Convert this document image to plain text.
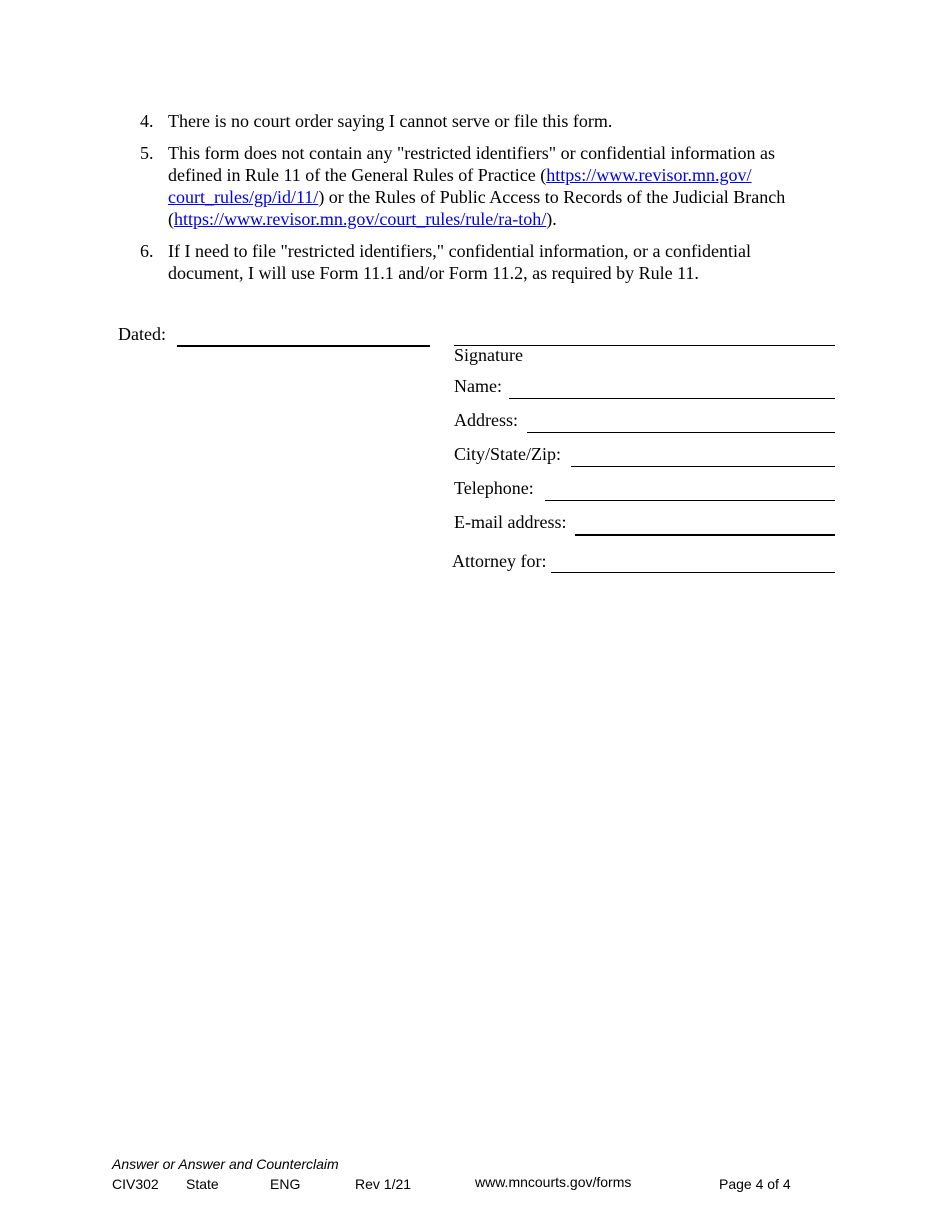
4. There is no court order saying I cannot serve or file this form.
5. This form does not contain any "restricted identifiers" or confidential information as
defined in Rule 11 of the General Rules of Practice (https://www.revisor.mn.gov/
court_rules/gp/id/11/) or the Rules of Public Access to Records of the Judicial Branch
(https://www.revisor.mn.gov/court_rules/rule/ra-toh/).
6. If I need to file "restricted identifiers," confidential information, or a confidential
document, I will use Form 11.1 and/or Form 11.2, as required by Rule 11.
Dated:
Signature
Name:
Address:
City/State/Zip:
Telephone:
E-mail address:
Attorney for:
Answer or Answer and Counterclaim
CIV302 State	ENG	Rev 1/21	www.mncourts.gov/forms	Page 4 of 4
